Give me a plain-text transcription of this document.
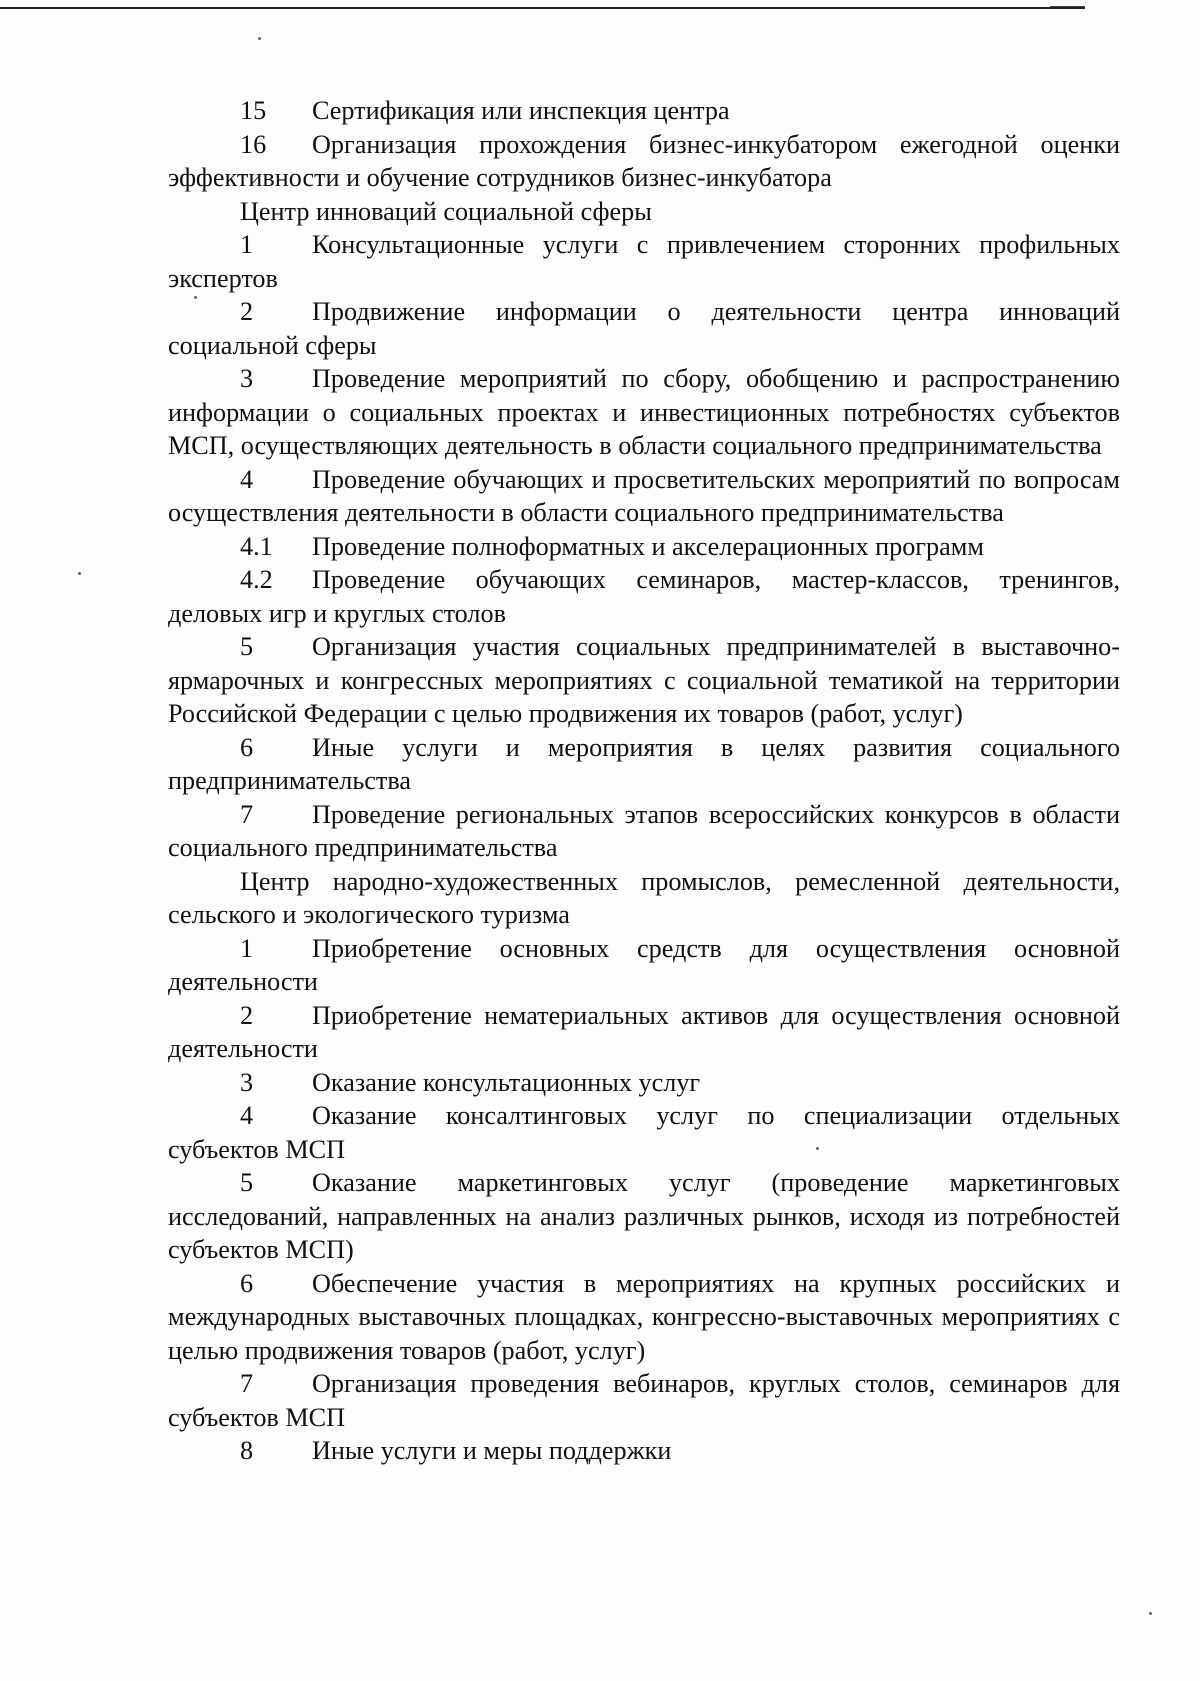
15 Сертификация или инспекция центра

16 Организация прохождения бизнес-инкубатором ежегодной оценки эффективности и обучение сотрудников бизнес-инкубатора

Центр инноваций социальной сферы

1 Консультационные услуги с привлечением сторонних профильных экспертов

2 Продвижение информации о деятельности центра инноваций социальной сферы

3 Проведение мероприятий по сбору, обобщению и распространению информации о социальных проектах и инвестиционных потребностях субъектов МСП, осуществляющих деятельность в области социального предпринимательства

4 Проведение обучающих и просветительских мероприятий по вопросам осуществления деятельности в области социального предпринимательства

4.1 Проведение полноформатных и акселерационных программ

4.2 Проведение обучающих семинаров, мастер-классов, тренингов, деловых игр и круглых столов

5 Организация участия социальных предпринимателей в выставочно-ярмарочных и конгрессных мероприятиях с социальной тематикой на территории Российской Федерации с целью продвижения их товаров (работ, услуг)

6 Иные услуги и мероприятия в целях развития социального предпринимательства

7 Проведение региональных этапов всероссийских конкурсов в области социального предпринимательства

Центр народно-художественных промыслов, ремесленной деятельности, сельского и экологического туризма

1 Приобретение основных средств для осуществления основной деятельности

2 Приобретение нематериальных активов для осуществления основной деятельности

3 Оказание консультационных услуг

4 Оказание консалтинговых услуг по специализации отдельных субъектов МСП

5 Оказание маркетинговых услуг (проведение маркетинговых исследований, направленных на анализ различных рынков, исходя из потребностей субъектов МСП)

6 Обеспечение участия в мероприятиях на крупных российских и международных выставочных площадках, конгрессно-выставочных мероприятиях с целью продвижения товаров (работ, услуг)

7 Организация проведения вебинаров, круглых столов, семинаров для субъектов МСП

8 Иные услуги и меры поддержки
